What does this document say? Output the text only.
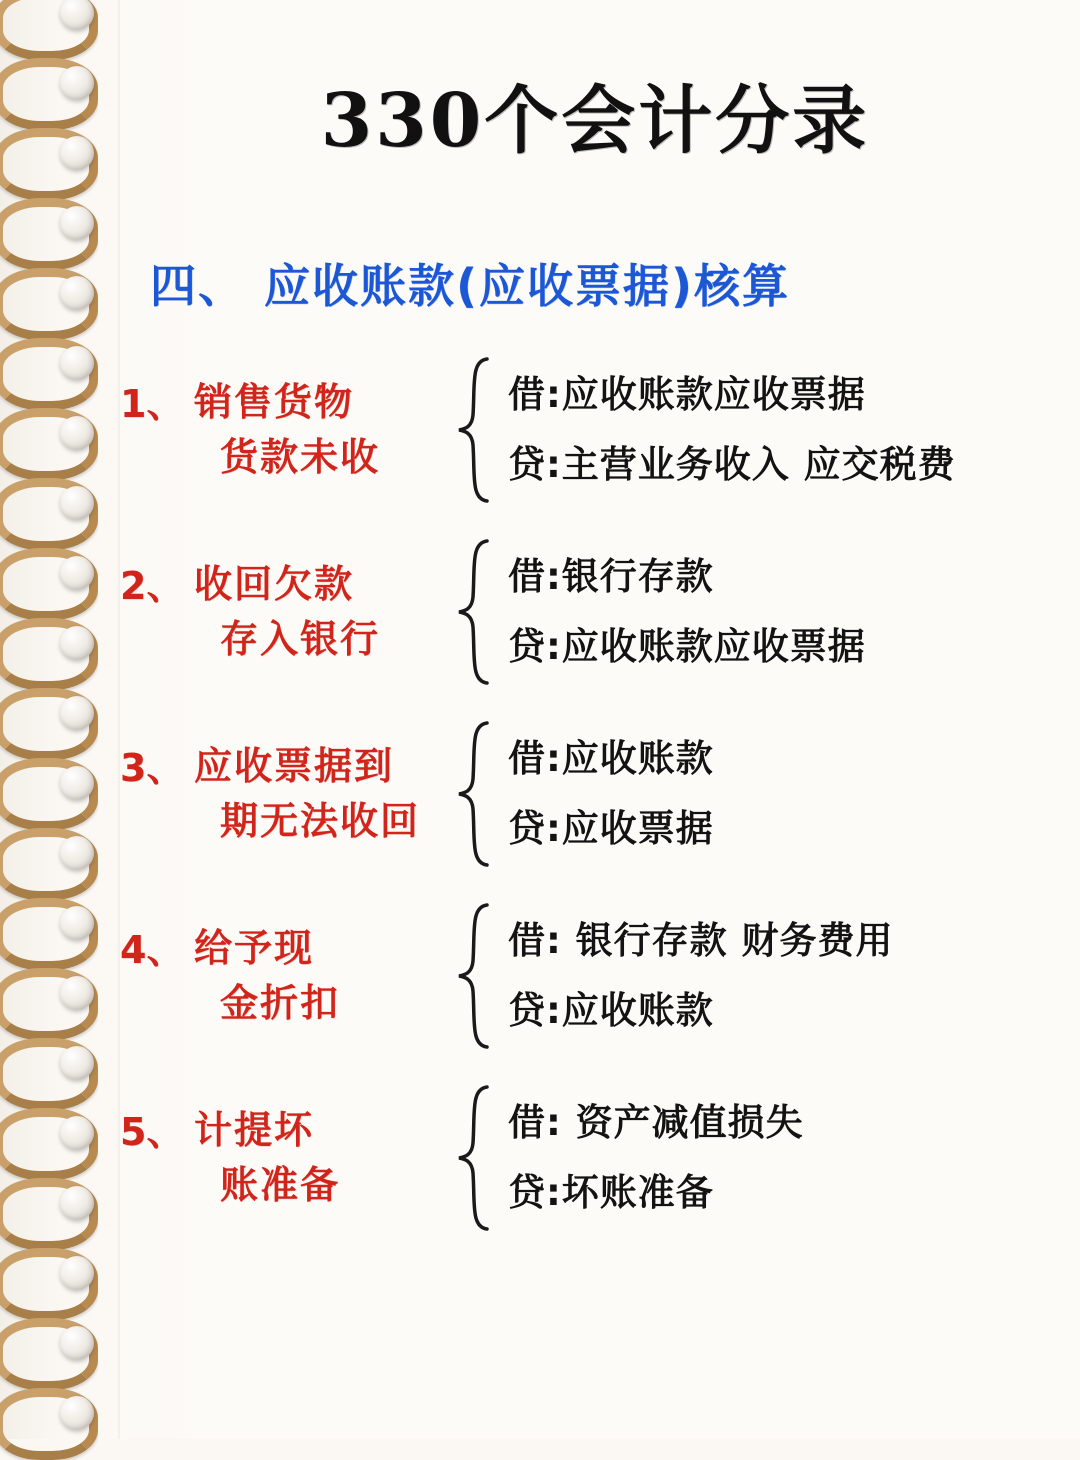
330个会计分录
四、 应收账款(应收票据)核算
1、 销售货物
货款未收
借:应收账款应收票据
贷:主营业务收入 应交税费
2、 收回欠款
存入银行
借:银行存款
贷:应收账款应收票据
3、 应收票据到
期无法收回
借:应收账款
贷:应收票据
4、 给予现
金折扣
借: 银行存款 财务费用
贷:应收账款
5、 计提坏
账准备
借: 资产减值损失
贷:坏账准备
